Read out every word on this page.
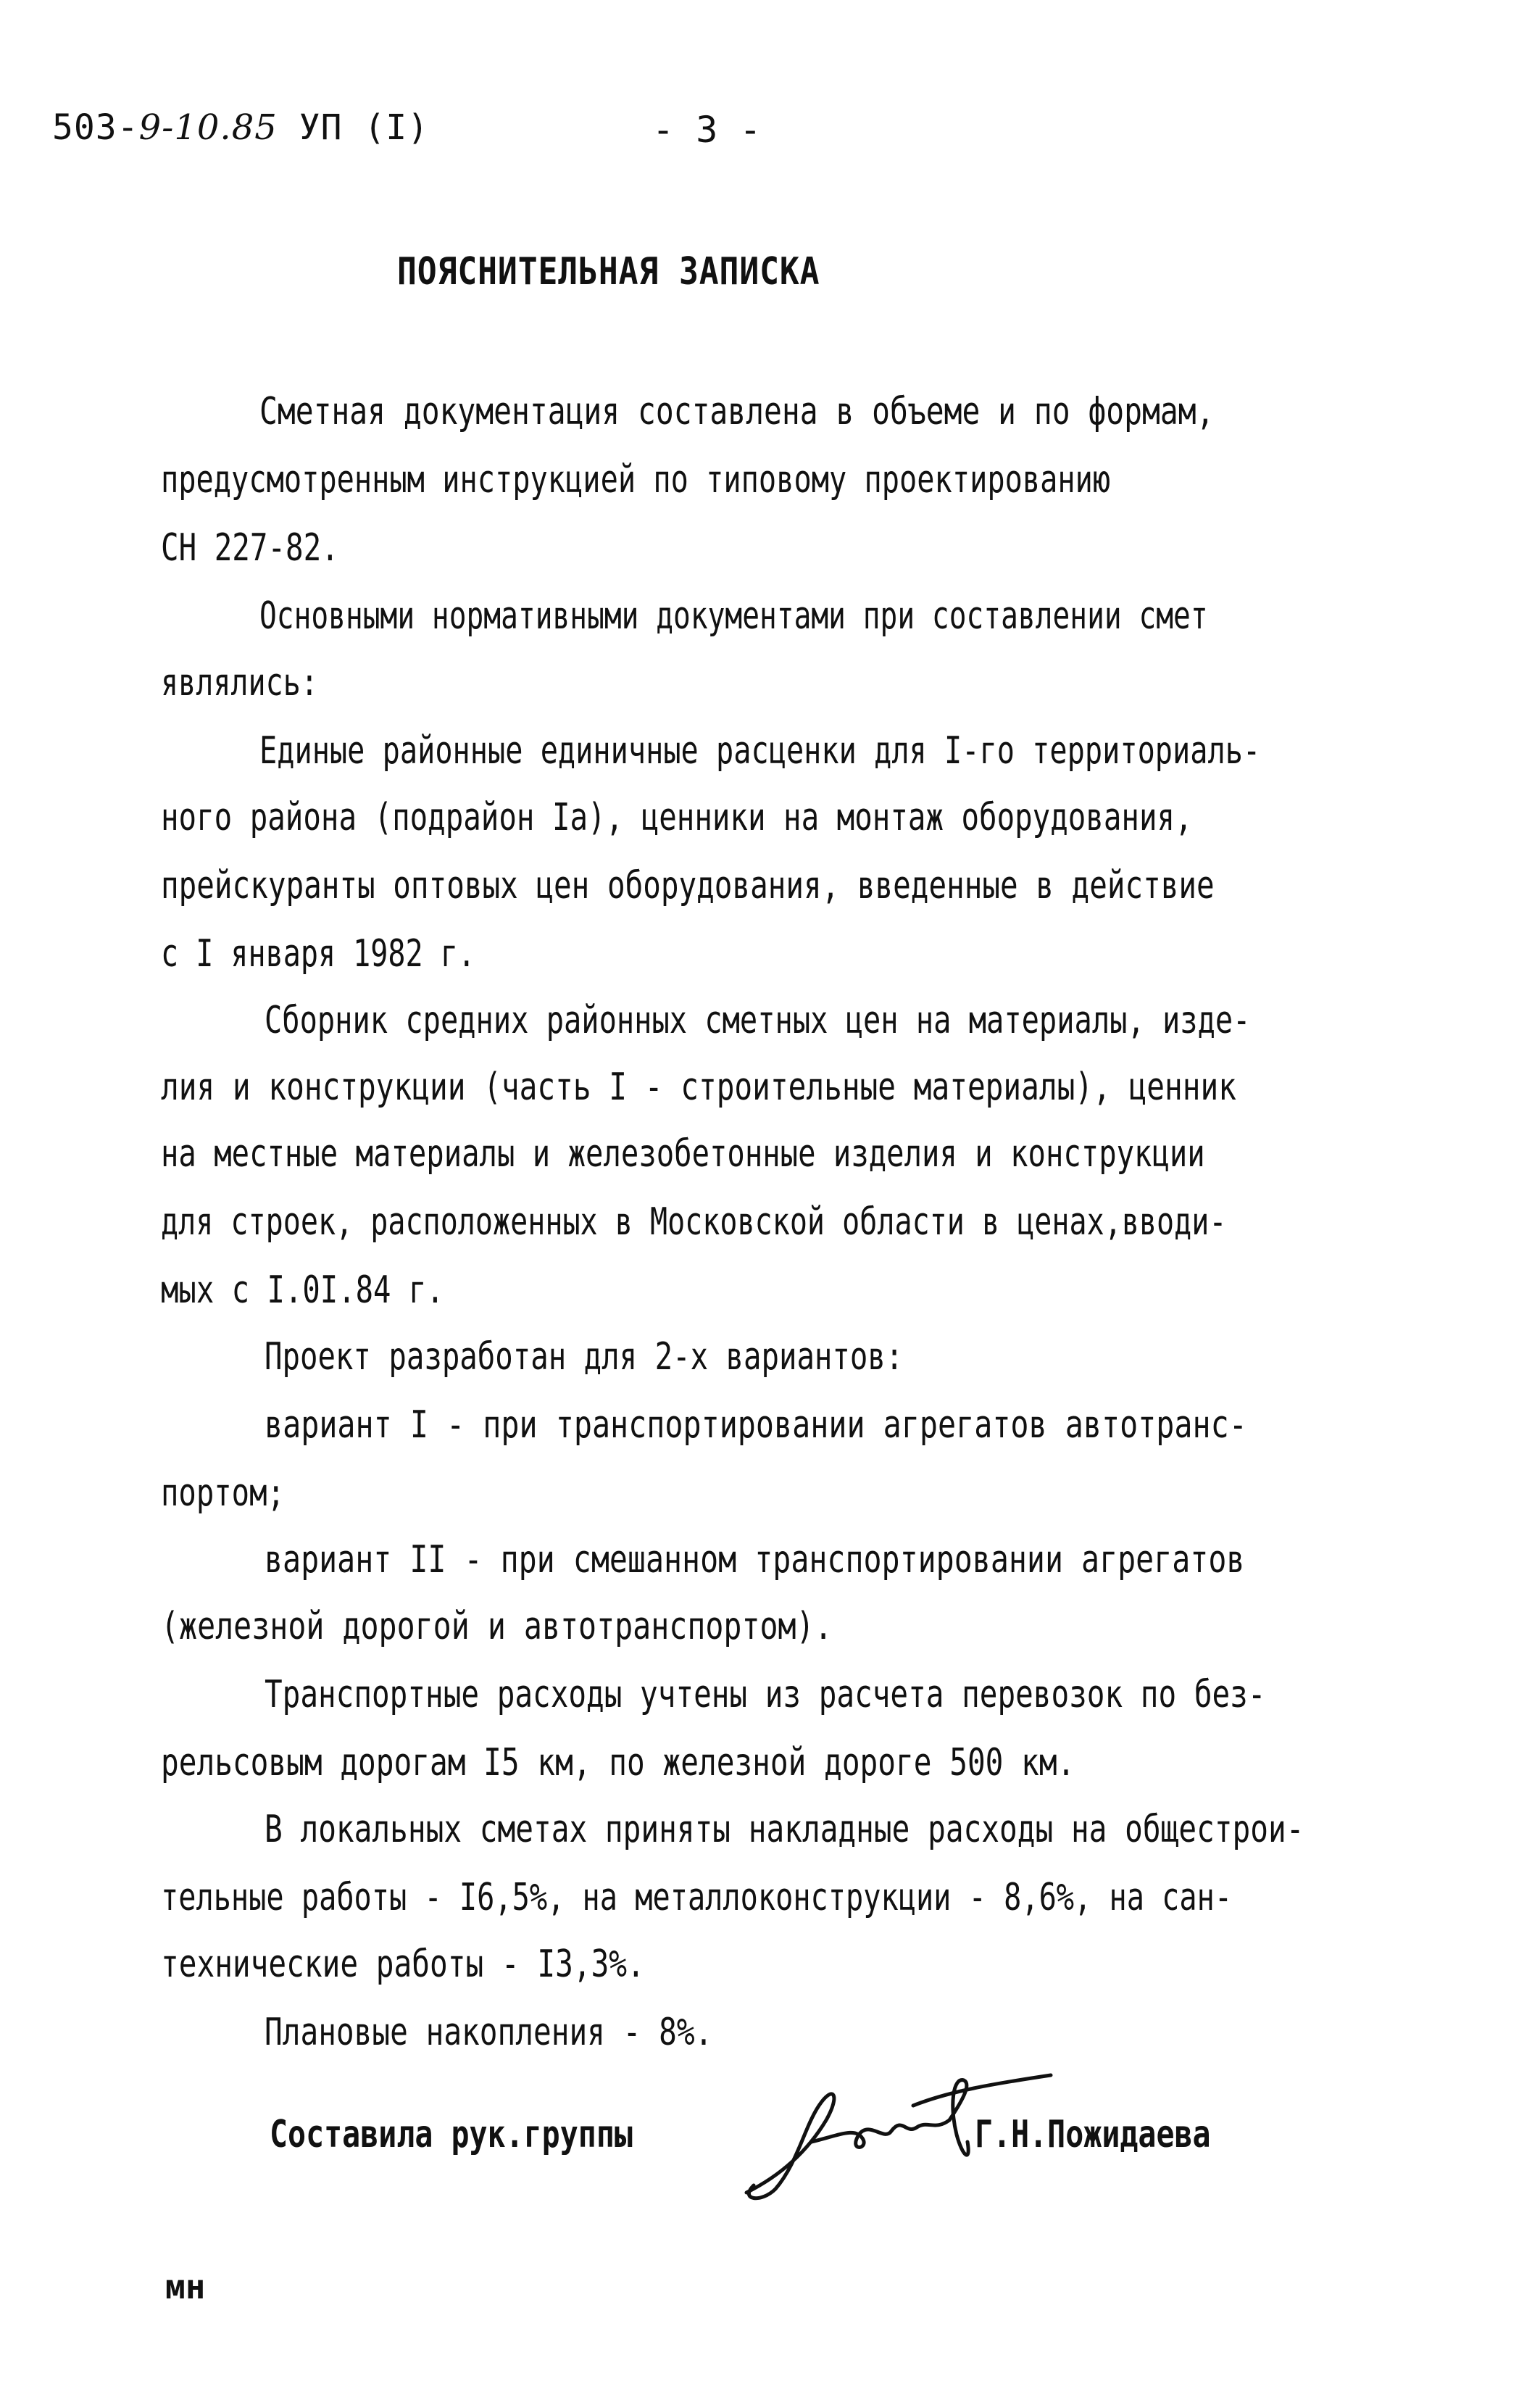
503-9-10.85 УП (I)	- 3 -
ПОЯСНИТЕЛЬНАЯ ЗАПИСКА
Сметная документация составлена в объеме и по формам,
предусмотренным инструкцией по типовому проектированию
СН 227-82.
Основными нормативными документами при составлении смет
являлись:
Единые районные единичные расценки для I-го территориаль-
ного района (подрайон Iа), ценники на монтаж оборудования,
прейскуранты оптовых цен оборудования, введенные в действие
с I января 1982 г.
Сборник средних районных сметных цен на материалы, изде-
лия и конструкции (часть I - строительные материалы), ценник
на местные материалы и железобетонные изделия и конструкции
для строек, расположенных в Московской области в ценах,вводи-
мых с I.0I.84 г.
Проект разработан для 2-х вариантов:
вариант I - при транспортировании агрегатов автотранс-
портом;
вариант II - при смешанном транспортировании агрегатов
(железной дорогой и автотранспортом).
Транспортные расходы учтены из расчета перевозок по без-
рельсовым дорогам I5 км, по железной дороге 500 км.
В локальных сметах приняты накладные расходы на общестрои-
тельные работы - I6,5%, на металлоконструкции - 8,6%, на сан-
технические работы - I3,3%.
Плановые накопления - 8%.
Составила рук.группы	Г.Н.Пожидаева
мн
